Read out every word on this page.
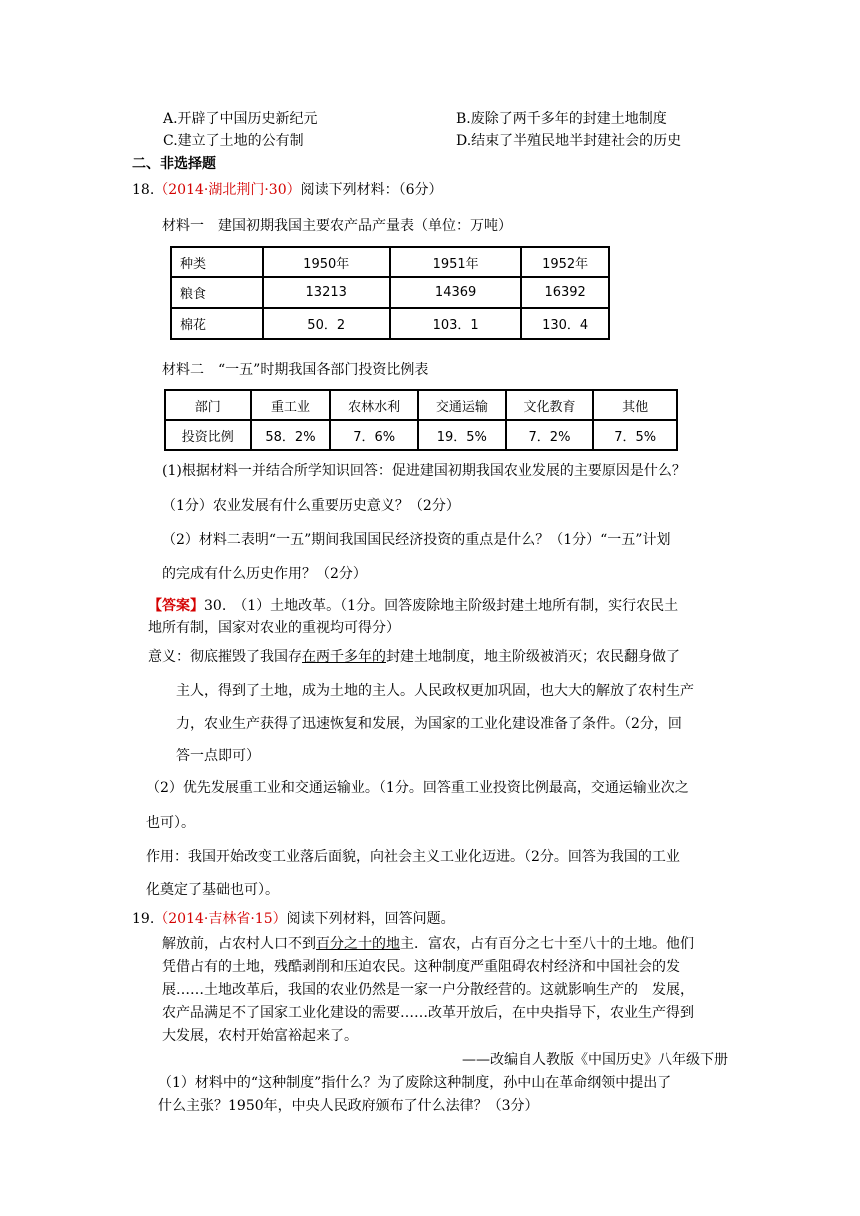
A.开辟了中国历史新纪元	B.废除了两千多年的封建土地制度
C.建立了土地的公有制	D.结束了半殖民地半封建社会的历史
二、非选择题
18.（2014·湖北荆门·30）阅读下列材料：（6分）
材料一　建国初期我国主要农产品产量表（单位：万吨）
种类	1950年	1951年	1952年
粮食	13213	14369	16392
棉花	50．2	103．1	130．4
材料二　“一五”时期我国各部门投资比例表
部门	重工业	农林水利	交通运输	文化教育	其他
投资比例	58．2%	7．6%	19．5%	7．2%	7．5%
(1)根据材料一并结合所学知识回答：促进建国初期我国农业发展的主要原因是什么？
（1分）农业发展有什么重要历史意义？（2分）
（2）材料二表明“一五”期间我国国民经济投资的重点是什么？（1分）“一五”计划
的完成有什么历史作用？（2分）
【答案】30.　（1）土地改革。（1分。回答废除地主阶级封建土地所有制，实行农民土
地所有制，国家对农业的重视均可得分）
意义：彻底摧毁了我国存在两千多年的封建土地制度，地主阶级被消灭；农民翻身做了
主人，得到了土地，成为土地的主人。人民政权更加巩固，也大大的解放了农村生产
力，农业生产获得了迅速恢复和发展，为国家的工业化建设准备了条件。（2分，回
答一点即可）
（2）优先发展重工业和交通运输业。（1分。回答重工业投资比例最高，交通运输业次之
也可）。
作用：我国开始改变工业落后面貌，向社会主义工业化迈进。（2分。回答为我国的工业
化奠定了基础也可）。
19.（2014·吉林省·15）阅读下列材料，回答问题。
解放前，占农村人口不到百分之十的地主．富农，占有百分之七十至八十的土地。他们
凭借占有的土地，残酷剥削和压迫农民。这种制度严重阻碍农村经济和中国社会的发
展……土地改革后，我国的农业仍然是一家一户分散经营的。这就影响生产的　发展，
农产品满足不了国家工业化建设的需要……改革开放后，在中央指导下，农业生产得到
大发展，农村开始富裕起来了。
——改编自人教版《中国历史》八年级下册
（1）材料中的“这种制度”指什么？为了废除这种制度，孙中山在革命纲领中提出了
什么主张？1950年，中央人民政府颁布了什么法律？（3分）
